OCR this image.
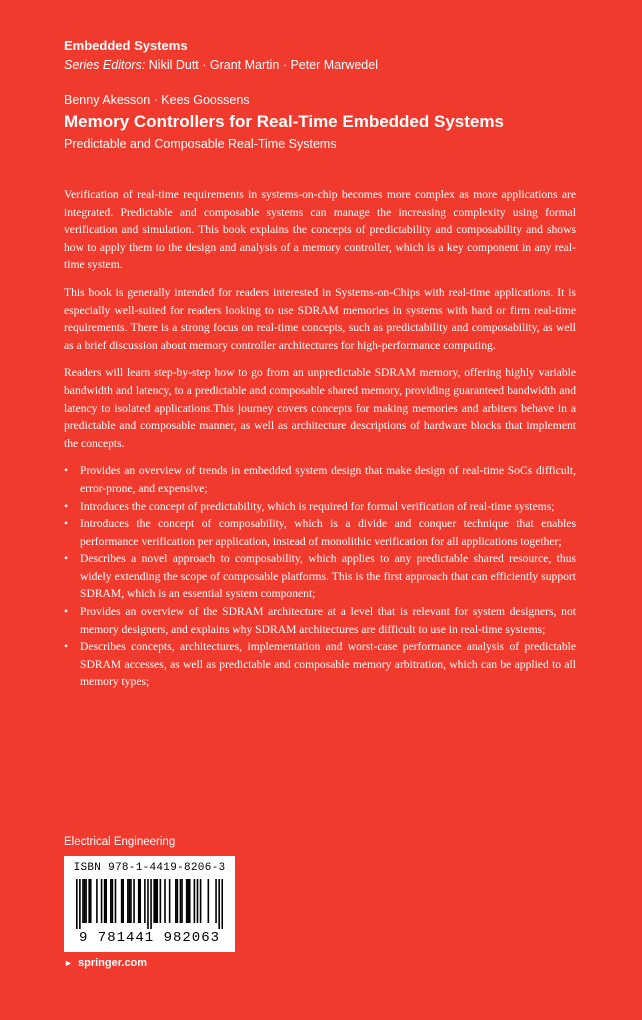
Embedded Systems
Series Editors: Nikil Dutt · Grant Martin · Peter Marwedel
Benny Akesson · Kees Goossens
Memory Controllers for Real-Time Embedded Systems
Predictable and Composable Real-Time Systems

Verification of real-time requirements in systems-on-chip becomes more complex as more applications are integrated. Predictable and composable systems can manage the increasing complexity using formal verification and simulation. This book explains the concepts of predictability and composability and shows how to apply them to the design and analysis of a memory controller, which is a key component in any real-time system.

This book is generally intended for readers interested in Systems-on-Chips with real-time applications. It is especially well-suited for readers looking to use SDRAM memories in systems with hard or firm real-time requirements. There is a strong focus on real-time concepts, such as predictability and composability, as well as a brief discussion about memory controller architectures for high-performance computing.

Readers will learn step-by-step how to go from an unpredictable SDRAM memory, offering highly variable bandwidth and latency, to a predictable and composable shared memory, providing guaranteed bandwidth and latency to isolated applications.This journey covers concepts for making memories and arbiters behave in a predictable and composable manner, as well as architecture descriptions of hardware blocks that implement the concepts.

• Provides an overview of trends in embedded system design that make design of real-time SoCs difficult, error-prone, and expensive;
• Introduces the concept of predictability, which is required for formal verification of real-time systems;
• Introduces the concept of composability, which is a divide and conquer technique that enables performance verification per application, instead of monolithic verification for all applications together;
• Describes a novel approach to composability, which applies to any predictable shared resource, thus widely extending the scope of composable platforms. This is the first approach that can efficiently support SDRAM, which is an essential system component;
• Provides an overview of the SDRAM architecture at a level that is relevant for system designers, not memory designers, and explains why SDRAM architectures are difficult to use in real-time systems;
• Describes concepts, architectures, implementation and worst-case performance analysis of predictable SDRAM accesses, as well as predictable and composable memory arbitration, which can be applied to all memory types;
Electrical Engineering
ISBN 978-1-4419-8206-3
9 781441 982063
► springer.com
